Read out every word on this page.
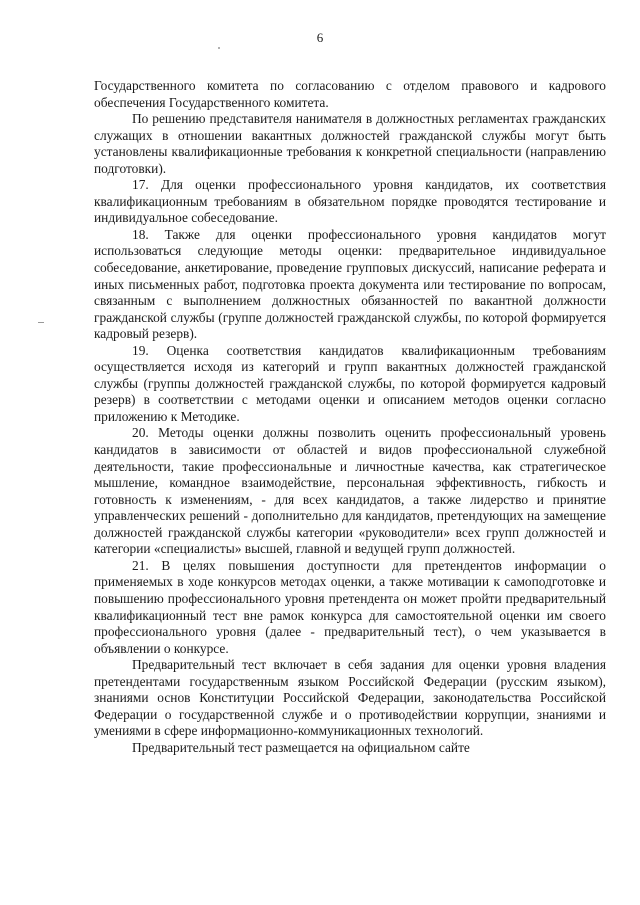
6

Государственного комитета по согласованию с отделом правового и кадрового обеспечения Государственного комитета.

По решению представителя нанимателя в должностных регламентах гражданских служащих в отношении вакантных должностей гражданской службы могут быть установлены квалификационные требования к конкретной специальности (направлению подготовки).

17. Для оценки профессионального уровня кандидатов, их соответствия квалификационным требованиям в обязательном порядке проводятся тестирование и индивидуальное собеседование.

18. Также для оценки профессионального уровня кандидатов могут использоваться следующие методы оценки: предварительное индивидуальное собеседование, анкетирование, проведение групповых дискуссий, написание реферата и иных письменных работ, подготовка проекта документа или тестирование по вопросам, связанным с выполнением должностных обязанностей по вакантной должности гражданской службы (группе должностей гражданской службы, по которой формируется кадровый резерв).

19. Оценка соответствия кандидатов квалификационным требованиям осуществляется исходя из категорий и групп вакантных должностей гражданской службы (группы должностей гражданской службы, по которой формируется кадровый резерв) в соответствии с методами оценки и описанием методов оценки согласно приложению к Методике.

20. Методы оценки должны позволить оценить профессиональный уровень кандидатов в зависимости от областей и видов профессиональной служебной деятельности, такие профессиональные и личностные качества, как стратегическое мышление, командное взаимодействие, персональная эффективность, гибкость и готовность к изменениям, - для всех кандидатов, а также лидерство и принятие управленческих решений - дополнительно для кандидатов, претендующих на замещение должностей гражданской службы категории «руководители» всех групп должностей и категории «специалисты» высшей, главной и ведущей групп должностей.

21. В целях повышения доступности для претендентов информации о применяемых в ходе конкурсов методах оценки, а также мотивации к самоподготовке и повышению профессионального уровня претендента он может пройти предварительный квалификационный тест вне рамок конкурса для самостоятельной оценки им своего профессионального уровня (далее - предварительный тест), о чем указывается в объявлении о конкурсе.

Предварительный тест включает в себя задания для оценки уровня владения претендентами государственным языком Российской Федерации (русским языком), знаниями основ Конституции Российской Федерации, законодательства Российской Федерации о государственной службе и о противодействии коррупции, знаниями и умениями в сфере информационно-коммуникационных технологий.

Предварительный тест размещается на официальном сайте
